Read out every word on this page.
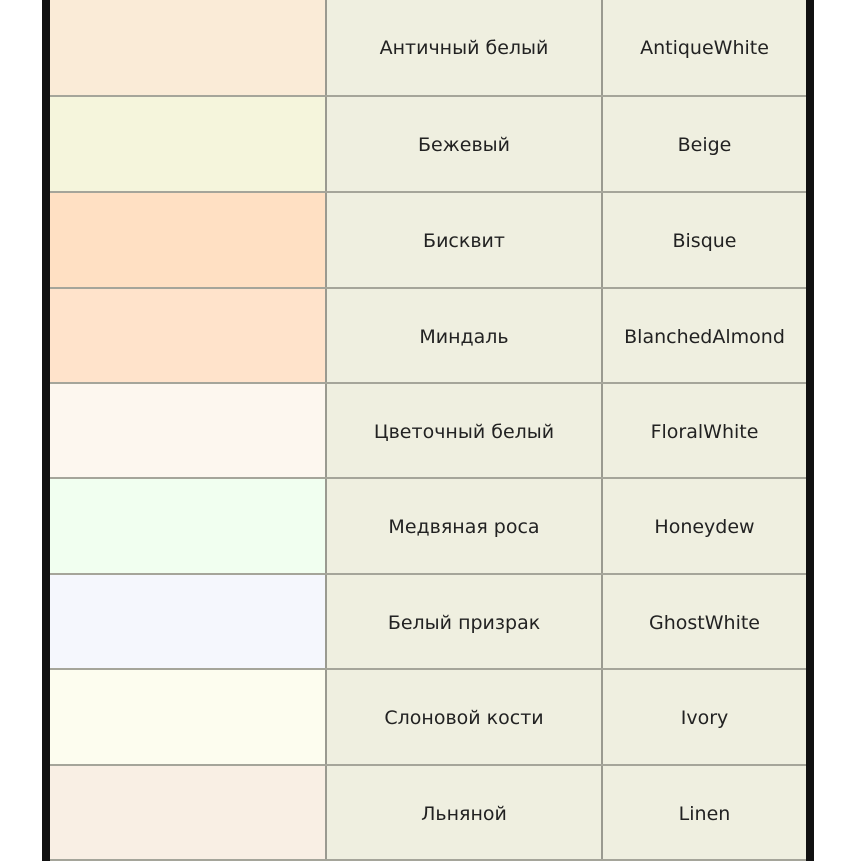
Античный белый	AntiqueWhite
Бежевый	Beige
Бисквит	Bisque
Миндаль	BlanchedAlmond
Цветочный белый	FloralWhite
Медвяная роса	Honeydew
Белый призрак	GhostWhite
Слоновой кости	Ivory
Льняной	Linen
